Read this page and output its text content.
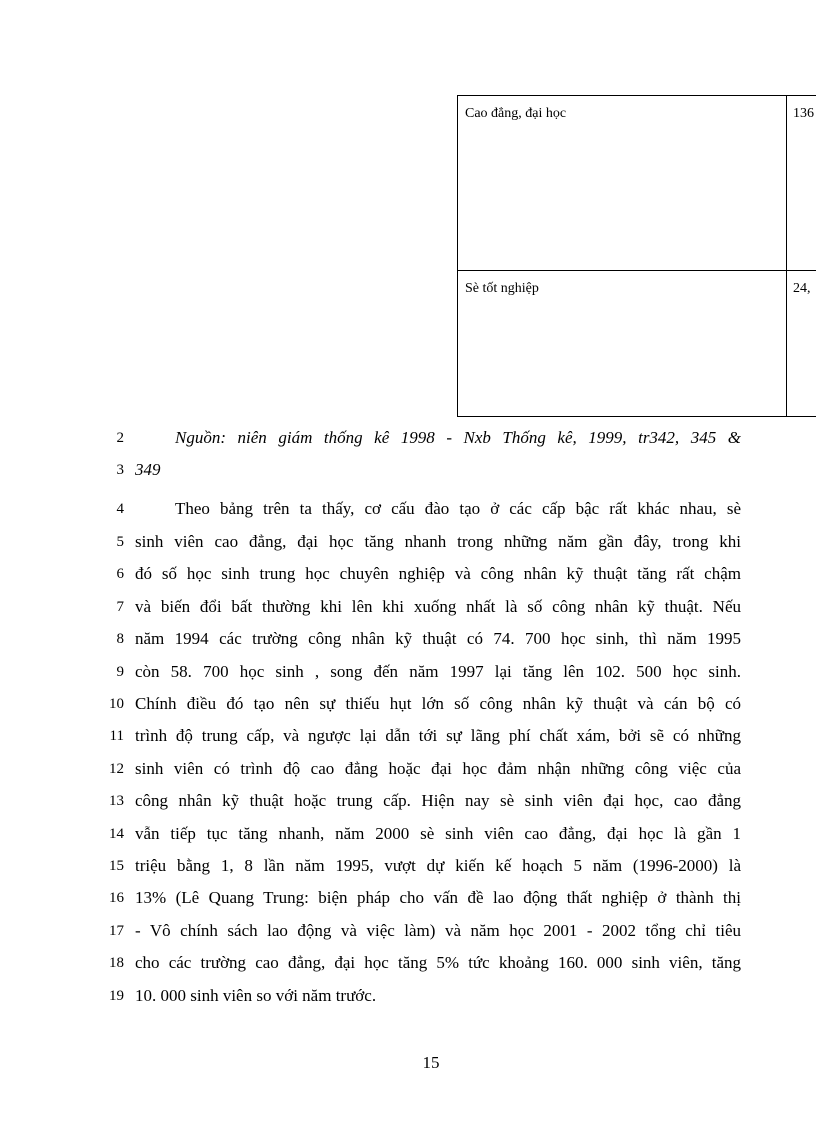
Cao đẳng, đại học	136
Sè tốt nghiệp	24,
2	Nguồn: niên giám thống kê 1998 - Nxb Thống kê, 1999, tr342, 345 &
3 349
4	Theo bảng trên ta thấy, cơ cấu đào tạo ở các cấp bậc rất khác nhau, sè
5 sinh viên cao đẳng, đại học tăng nhanh trong những năm gần đây, trong khi
6 đó số học sinh trung học chuyên nghiệp và công nhân kỹ thuật tăng rất chậm
7 và biến đổi bất thường khi lên khi xuống nhất là số công nhân kỹ thuật. Nếu
8 năm 1994 các trường công nhân kỹ thuật có 74. 700 học sinh, thì năm 1995
9 còn 58. 700 học sinh , song đến năm 1997 lại tăng lên 102. 500 học sinh.
10 Chính điều đó tạo nên sự thiếu hụt lớn số công nhân kỹ thuật và cán bộ có
11 trình độ trung cấp, và ngược lại dẫn tới sự lãng phí chất xám, bởi sẽ có những
12 sinh viên có trình độ cao đẳng hoặc đại học đảm nhận những công việc của
13 công nhân kỹ thuật hoặc trung cấp. Hiện nay sè sinh viên đại học, cao đẳng
14 vẫn tiếp tục tăng nhanh, năm 2000 sè sinh viên cao đẳng, đại học là gần 1
15 triệu bằng 1, 8 lần năm 1995, vượt dự kiến kế hoạch 5 năm (1996-2000) là
16 13% (Lê Quang Trung: biện pháp cho vấn đề lao động thất nghiệp ở thành thị
17 - Vô chính sách lao động và việc làm) và năm học 2001 - 2002 tổng chỉ tiêu
18 cho các trường cao đẳng, đại học tăng 5% tức khoảng 160. 000 sinh viên, tăng
19 10. 000 sinh viên so với năm trước.
15
